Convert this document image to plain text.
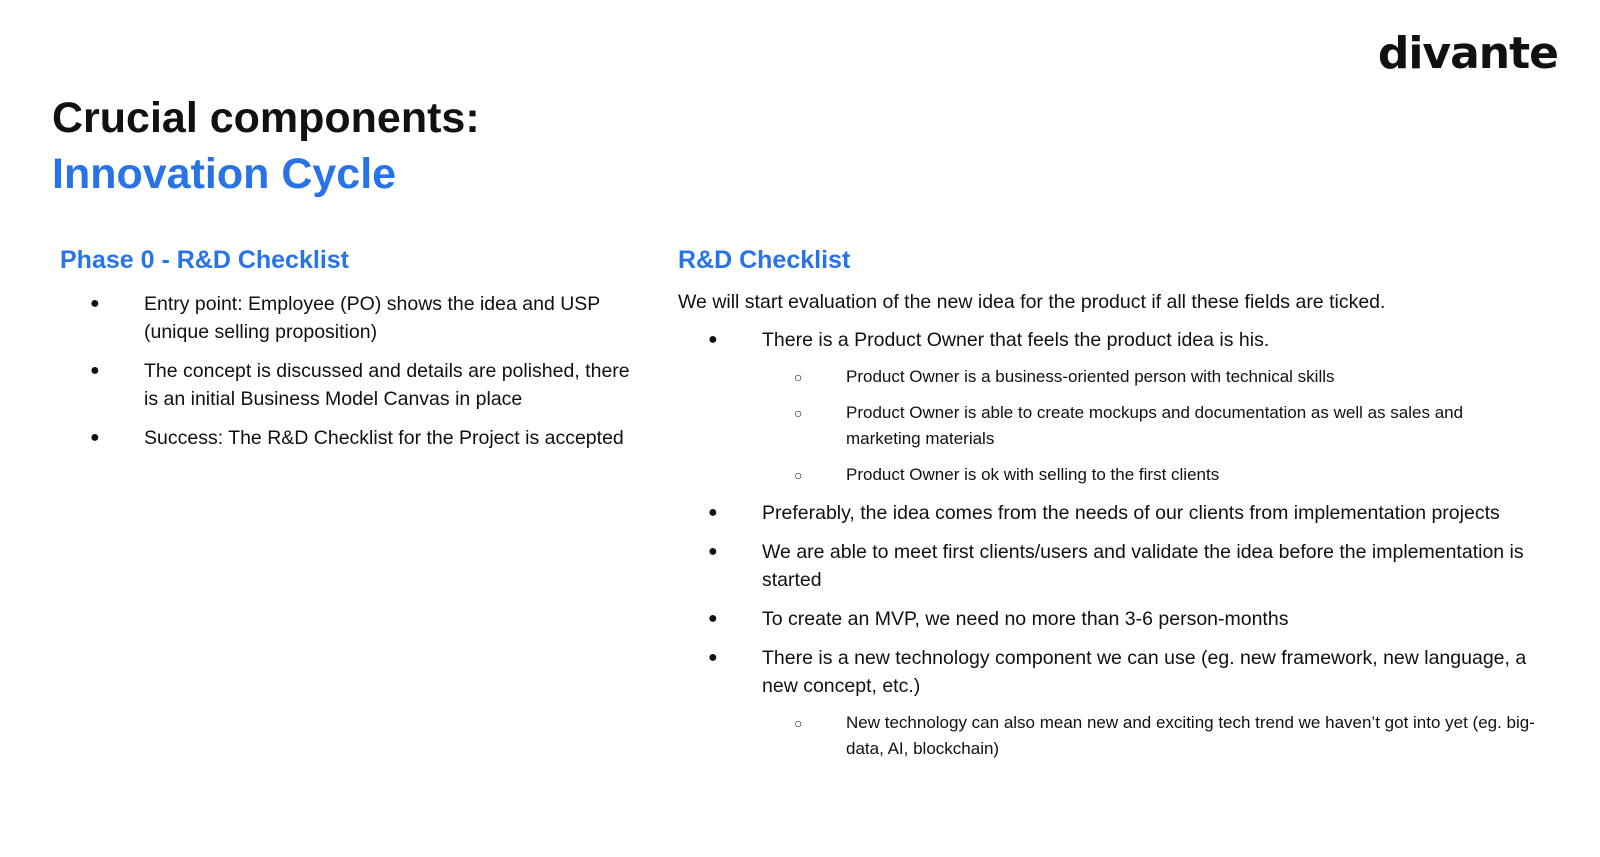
divante
Crucial components:
Innovation Cycle
Phase 0 - R&D Checklist
● Entry point: Employee (PO) shows the idea and USP (unique selling proposition)
● The concept is discussed and details are polished, there is an initial Business Model Canvas in place
● Success: The R&D Checklist for the Project is accepted
R&D Checklist

We will start evaluation of the new idea for the product if all these fields are ticked.

● There is a Product Owner that feels the product idea is his.
○	Product Owner is a business-oriented person with technical skills
○	Product Owner is able to create mockups and documentation as well as sales and marketing materials
○	Product Owner is ok with selling to the first clients
● Preferably, the idea comes from the needs of our clients from implementation projects
● We are able to meet first clients/users and validate the idea before the implementation is started
● To create an MVP, we need no more than 3-6 person-months
● There is a new technology component we can use (eg. new framework, new language, a new concept, etc.)
○	New technology can also mean new and exciting tech trend we haven’t got into yet (eg. big-data, AI, blockchain)
